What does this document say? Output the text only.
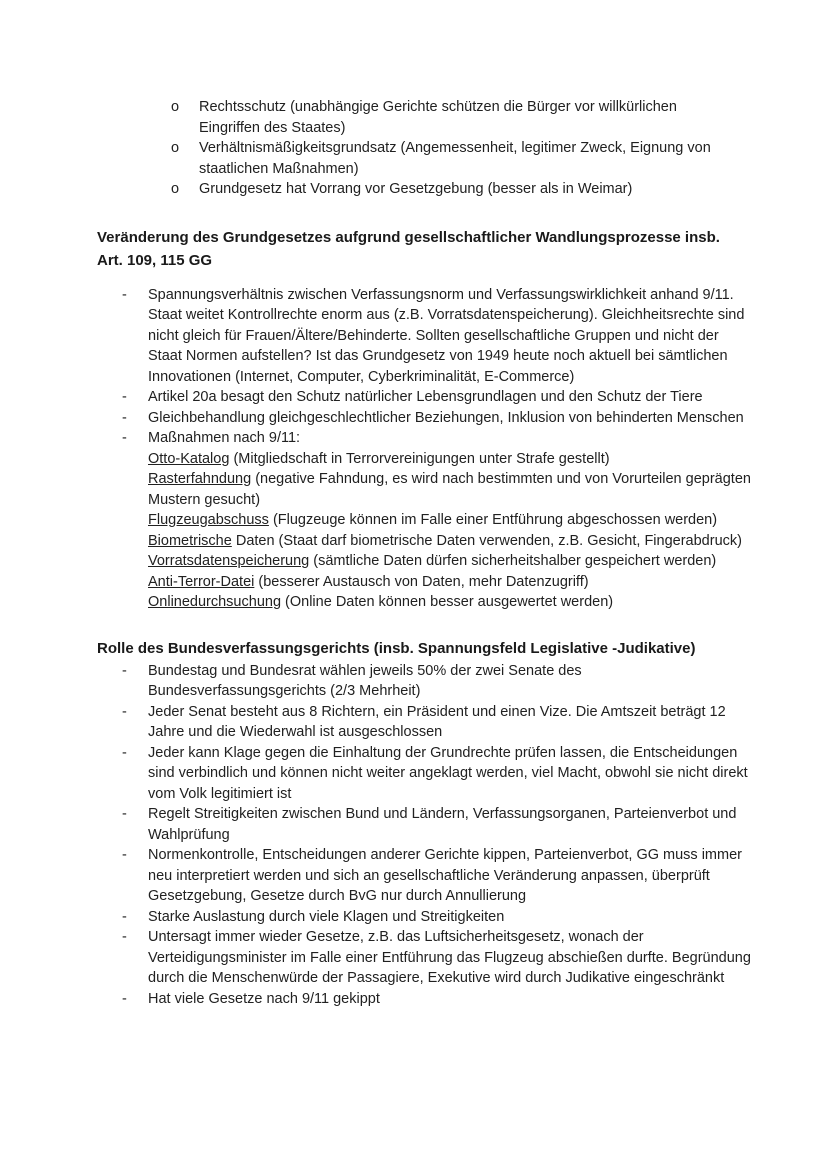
o	Rechtsschutz (unabhängige Gerichte schützen die Bürger vor willkürlichen Eingriffen des Staates)
o	Verhältnismäßigkeitsgrundsatz (Angemessenheit, legitimer Zweck, Eignung von staatlichen Maßnahmen)
o	Grundgesetz hat Vorrang vor Gesetzgebung (besser als in Weimar)
Veränderung des Grundgesetzes aufgrund gesellschaftlicher Wandlungsprozesse insb. Art. 109, 115 GG
-	Spannungsverhältnis zwischen Verfassungsnorm und Verfassungswirklichkeit anhand 9/11. Staat weitet Kontrollrechte enorm aus (z.B. Vorratsdatenspeicherung). Gleichheitsrechte sind nicht gleich für Frauen/Ältere/Behinderte. Sollten gesellschaftliche Gruppen und nicht der Staat Normen aufstellen? Ist das Grundgesetz von 1949 heute noch aktuell bei sämtlichen Innovationen (Internet, Computer, Cyberkriminalität, E-Commerce)
-	Artikel 20a besagt den Schutz natürlicher Lebensgrundlagen und den Schutz der Tiere
-	Gleichbehandlung gleichgeschlechtlicher Beziehungen, Inklusion von behinderten Menschen
-	Maßnahmen nach 9/11:
Otto-Katalog (Mitgliedschaft in Terrorvereinigungen unter Strafe gestellt)
Rasterfahndung (negative Fahndung, es wird nach bestimmten und von Vorurteilen geprägten Mustern gesucht)
Flugzeugabschuss (Flugzeuge können im Falle einer Entführung abgeschossen werden)
Biometrische Daten (Staat darf biometrische Daten verwenden, z.B. Gesicht, Fingerabdruck)
Vorratsdatenspeicherung (sämtliche Daten dürfen sicherheitshalber gespeichert werden)
Anti-Terror-Datei (besserer Austausch von Daten, mehr Datenzugriff)
Onlinedurchsuchung (Online Daten können besser ausgewertet werden)
Rolle des Bundesverfassungsgerichts (insb. Spannungsfeld Legislative -Judikative)
-	Bundestag und Bundesrat wählen jeweils 50% der zwei Senate des Bundesverfassungsgerichts (2/3 Mehrheit)
-	Jeder Senat besteht aus 8 Richtern, ein Präsident und einen Vize. Die Amtszeit beträgt 12 Jahre und die Wiederwahl ist ausgeschlossen
-	Jeder kann Klage gegen die Einhaltung der Grundrechte prüfen lassen, die Entscheidungen sind verbindlich und können nicht weiter angeklagt werden, viel Macht, obwohl sie nicht direkt vom Volk legitimiert ist
-	Regelt Streitigkeiten zwischen Bund und Ländern, Verfassungsorganen, Parteienverbot und Wahlprüfung
-	Normenkontrolle, Entscheidungen anderer Gerichte kippen, Parteienverbot, GG muss immer neu interpretiert werden und sich an gesellschaftliche Veränderung anpassen, überprüft Gesetzgebung, Gesetze durch BvG nur durch Annullierung
-	Starke Auslastung durch viele Klagen und Streitigkeiten
-	Untersagt immer wieder Gesetze, z.B. das Luftsicherheitsgesetz, wonach der Verteidigungsminister im Falle einer Entführung das Flugzeug abschießen durfte. Begründung durch die Menschenwürde der Passagiere, Exekutive wird durch Judikative eingeschränkt
-	Hat viele Gesetze nach 9/11 gekippt
